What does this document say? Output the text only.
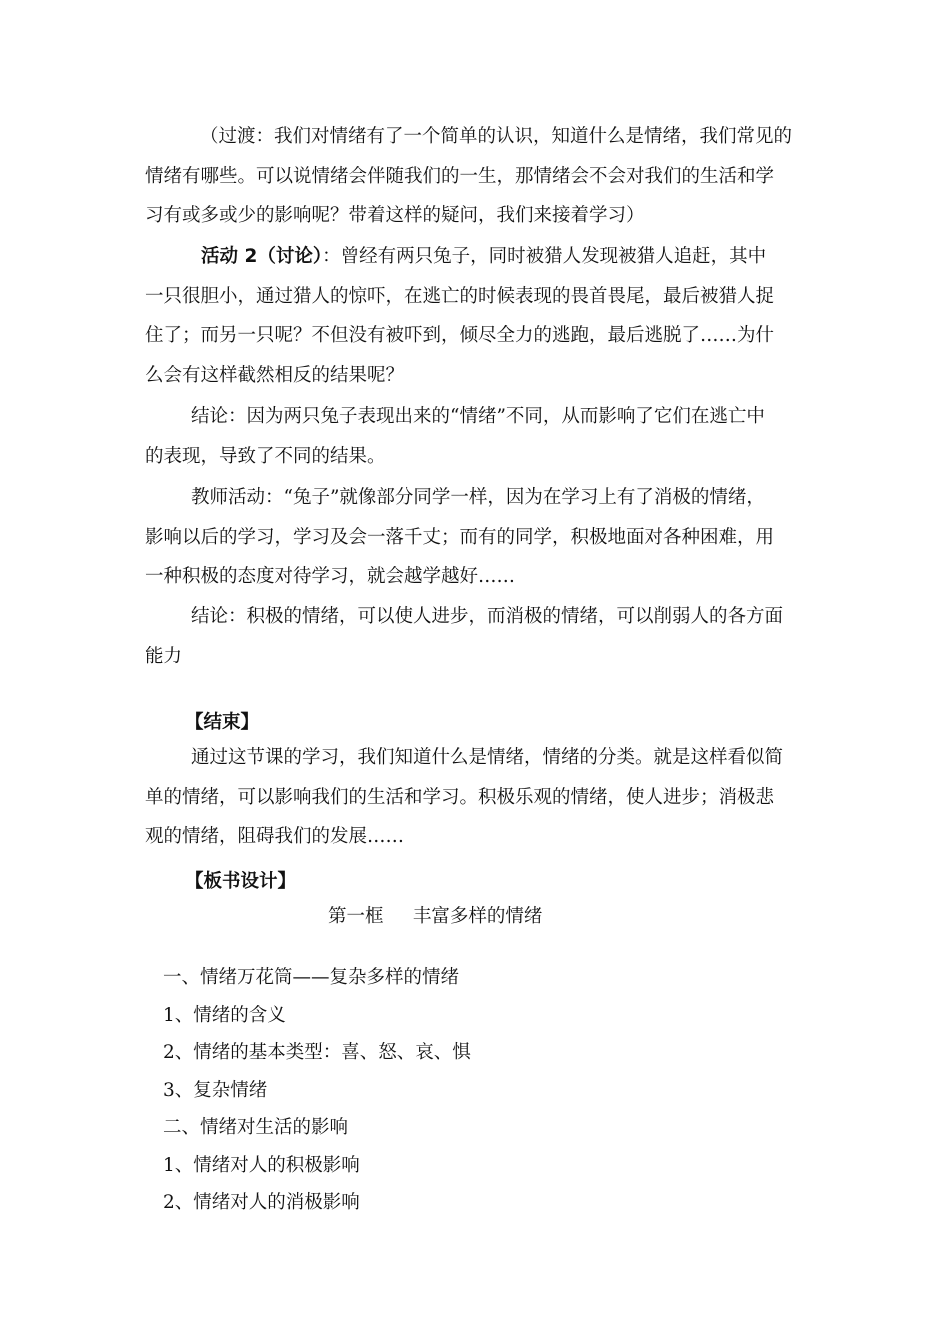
（过渡：我们对情绪有了一个简单的认识，知道什么是情绪，我们常见的
情绪有哪些。可以说情绪会伴随我们的一生，那情绪会不会对我们的生活和学
习有或多或少的影响呢？带着这样的疑问，我们来接着学习）

活动 2（讨论）：曾经有两只兔子，同时被猎人发现被猎人追赶，其中
一只很胆小，通过猎人的惊吓，在逃亡的时候表现的畏首畏尾，最后被猎人捉
住了；而另一只呢？不但没有被吓到，倾尽全力的逃跑，最后逃脱了……为什
么会有这样截然相反的结果呢？

结论：因为两只兔子表现出来的“情绪”不同，从而影响了它们在逃亡中
的表现，导致了不同的结果。

教师活动：“兔子”就像部分同学一样，因为在学习上有了消极的情绪，
影响以后的学习，学习及会一落千丈；而有的同学，积极地面对各种困难，用
一种积极的态度对待学习，就会越学越好……

结论：积极的情绪，可以使人进步，而消极的情绪，可以削弱人的各方面
能力

【结束】

通过这节课的学习，我们知道什么是情绪，情绪的分类。就是这样看似简
单的情绪，可以影响我们的生活和学习。积极乐观的情绪，使人进步；消极悲
观的情绪，阻碍我们的发展……

【板书设计】
第一框     丰富多样的情绪
一、情绪万花筒——复杂多样的情绪
1、情绪的含义
2、情绪的基本类型：喜、怒、哀、惧
3、复杂情绪
二、情绪对生活的影响
1、情绪对人的积极影响
2、情绪对人的消极影响
